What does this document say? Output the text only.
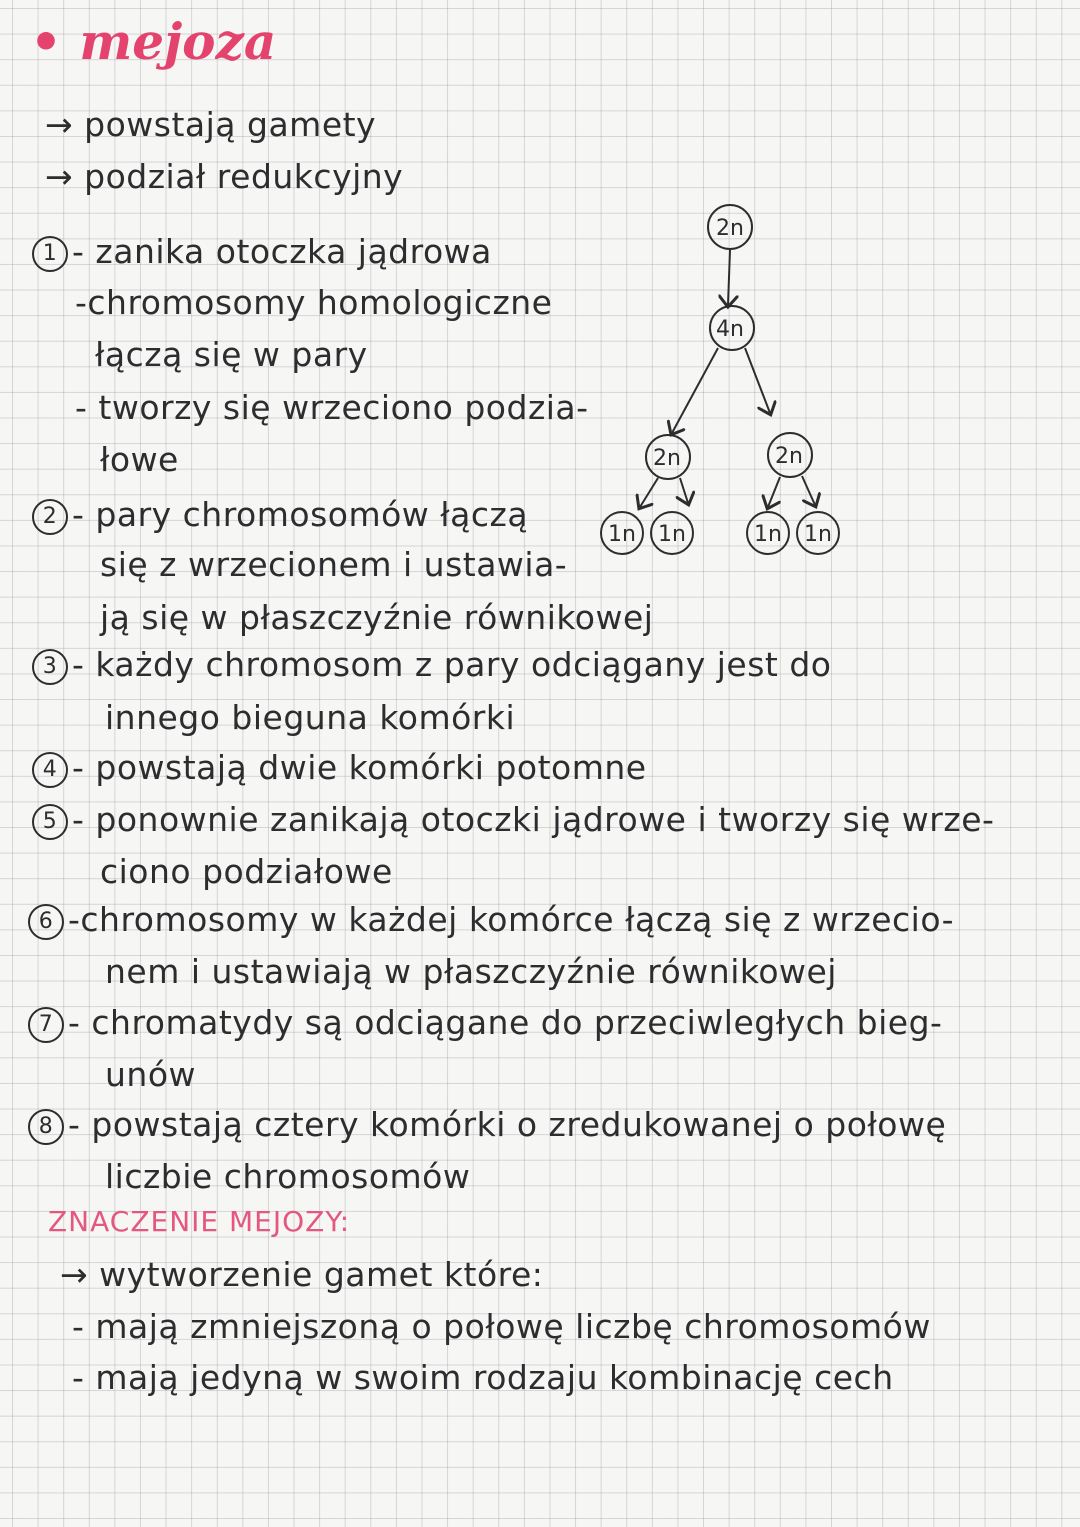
• mejoza
→ powstają gamety
→ podział redukcyjny
1 - zanika otoczka jądrowa
-chromosomy homologiczne
łączą się w pary
- tworzy się wrzeciono podzia-
łowe
2 - pary chromosomów łączą
się z wrzecionem i ustawia-
ją się w płaszczyźnie równikowej
3 - każdy chromosom z pary odciągany jest do
innego bieguna komórki
4 - powstają dwie komórki potomne
5 - ponownie zanikają otoczki jądrowe i tworzy się wrze-
ciono podziałowe
6 -chromosomy w każdej komórce łączą się z wrzecio-
nem i ustawiają w płaszczyźnie równikowej
7 - chromatydy są odciągane do przeciwległych bieg-
unów
8 - powstają cztery komórki o zredukowanej o połowę
liczbie chromosomów
ZNACZENIE MEJOZY:
→ wytworzenie gamet które:
- mają zmniejszoną o połowę liczbę chromosomów
- mają jedyną w swoim rodzaju kombinację cech
2n
4n
2n	2n
1n 1n	1n 1n
